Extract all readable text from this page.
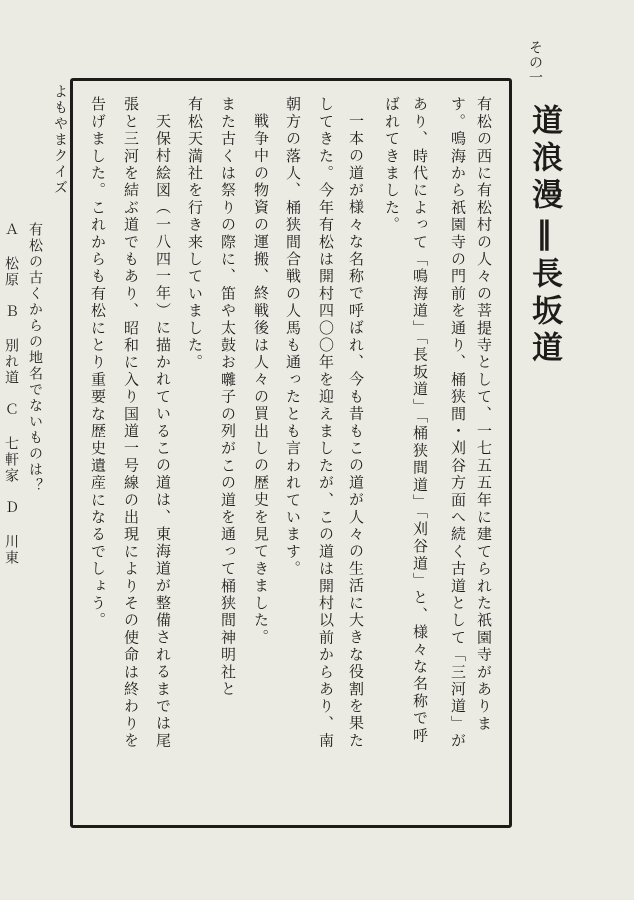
その一
道浪漫‖長坂道
有松の西に有松村の人々の菩提寺として、一七五五年に建てられた祇園寺がありま
す。鳴海から祇園寺の門前を通り、桶狭間・刈谷方面へ続く古道として「三河道」が
あり、時代によって「鳴海道」「長坂道」「桶狭間道」「刈谷道」と、様々な名称で呼
ばれてきました。
一本の道が様々な名称で呼ばれ、今も昔もこの道が人々の生活に大きな役割を果た
してきた。今年有松は開村四〇〇年を迎えましたが、この道は開村以前からあり、南
朝方の落人、桶狭間合戦の人馬も通ったとも言われています。
戦争中の物資の運搬、終戦後は人々の買出しの歴史を見てきました。
また古くは祭りの際に、笛や太鼓お囃子の列がこの道を通って桶狭間神明社と
有松天満社を行き来していました。
天保村絵図（一八四一年）に描かれているこの道は、東海道が整備されるまでは尾
張と三河を結ぶ道でもあり、昭和に入り国道一号線の出現によりその使命は終わりを
告げました。これからも有松にとり重要な歴史遺産になるでしょう。
よもやまクイズ
有松の古くからの地名でないものは？
Ａ 松原　Ｂ 別れ道　Ｃ 七軒家　Ｄ 川東
